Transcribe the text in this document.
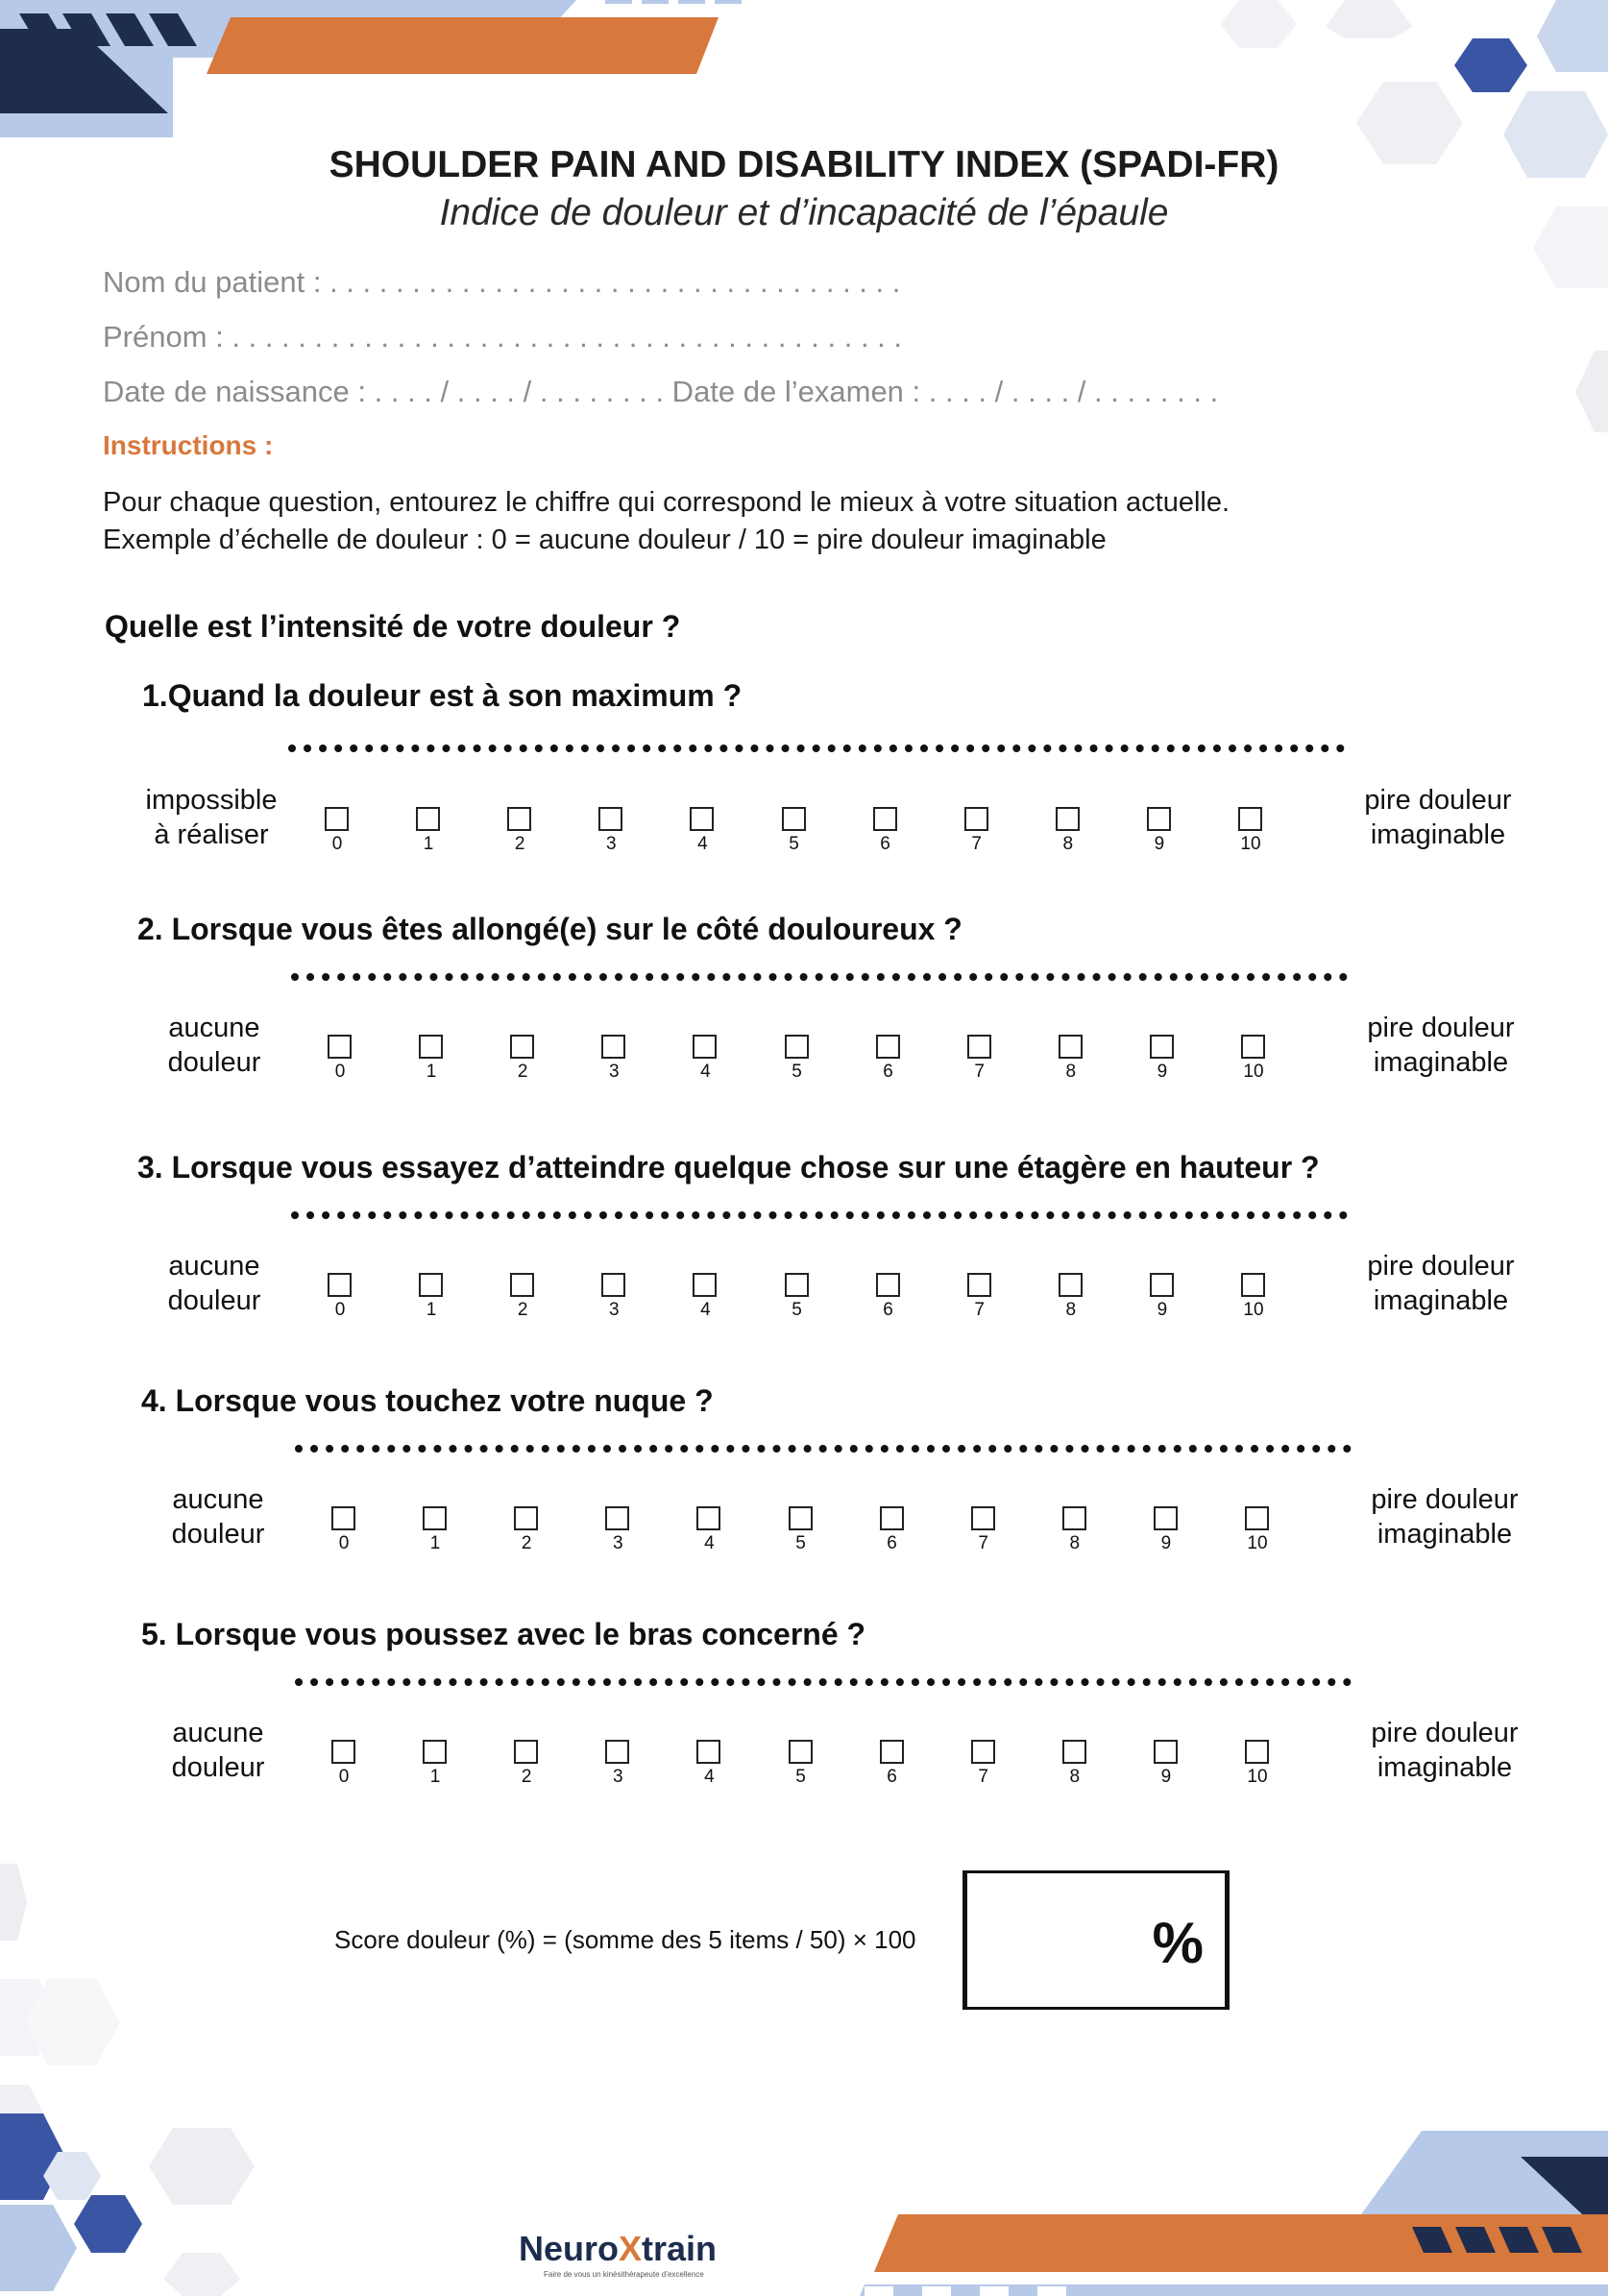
SHOULDER PAIN AND DISABILITY INDEX (SPADI-FR)
Indice de douleur et d’incapacité de l’épaule
Nom du patient : . . . . . . . . . . . . . . . . . . . . . . . . . . . . . . . . . . .
Prénom : . . . . . . . . . . . . . . . . . . . . . . . . . . . . . . . . . . . . . . . . .
Date de naissance : . . . . / . . . . / . . . . . . . . Date de l’examen : . . . . / . . . . / . . . . . . . .
Instructions :
Pour chaque question, entourez le chiffre qui correspond le mieux à votre situation actuelle.
Exemple d’échelle de douleur : 0 = aucune douleur / 10 = pire douleur imaginable
Quelle est l’intensité de votre douleur ?
1.Quand la douleur est à son maximum ?
impossible
à réaliser
pire douleur
imaginable
2. Lorsque vous êtes allongé(e) sur le côté douloureux ?
aucune
douleur
pire douleur
imaginable
3. Lorsque vous essayez d’atteindre quelque chose sur une étagère en hauteur ?
aucune
douleur
pire douleur
imaginable
4. Lorsque vous touchez votre nuque ?
aucune
douleur
pire douleur
imaginable
5. Lorsque vous poussez avec le bras concerné ?
aucune
douleur
pire douleur
imaginable
Score douleur (%) = (somme des 5 items / 50) × 100	%
NeuroXtrain
Faire de vous un kinésithérapeute d’excellence
0	1	2	3	4	5	6	7	8	9	10
0	1	2	3	4	5	6	7	8	9	10
0	1	2	3	4	5	6	7	8	9	10
0	1	2	3	4	5	6	7	8	9	10
0	1	2	3	4	5	6	7	8	9	10
